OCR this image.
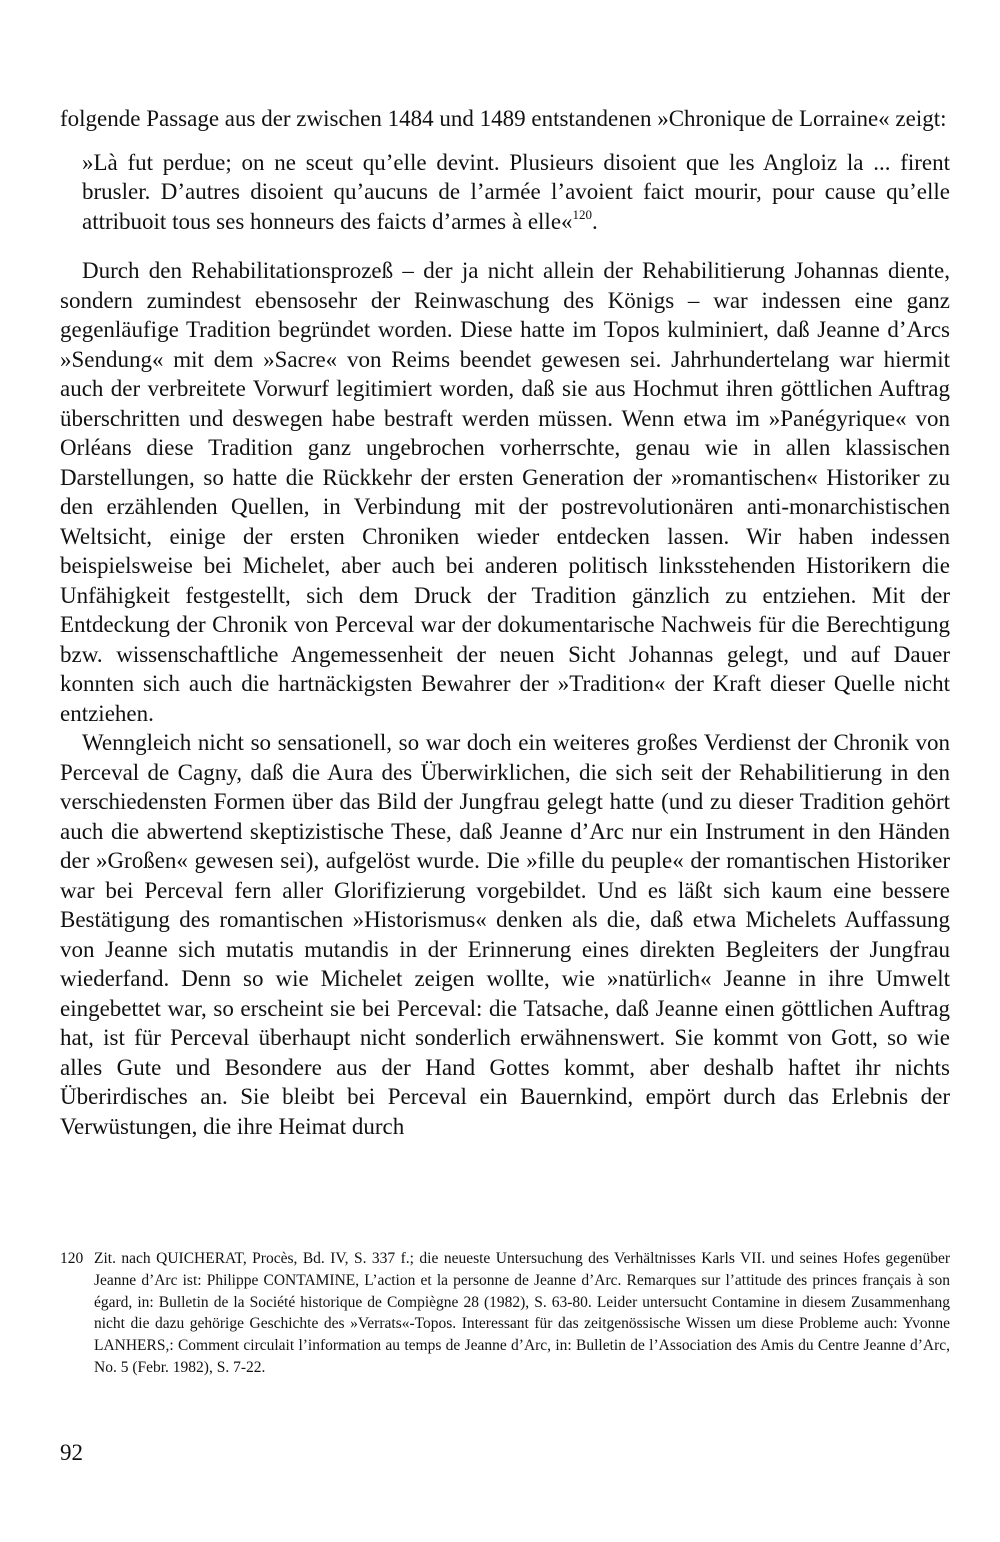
folgende Passage aus der zwischen 1484 und 1489 entstandenen »Chronique de Lorraine« zeigt:

»Là fut perdue; on ne sceut qu’elle devint. Plusieurs disoient que les Angloiz la ... firent brusler. D’autres disoient qu’aucuns de l’armée l’avoient faict mourir, pour cause qu’elle attribuoit tous ses honneurs des faicts d’armes à elle«$^{120}$.

Durch den Rehabilitationsprozeß – der ja nicht allein der Rehabilitierung Johannas diente, sondern zumindest ebensosehr der Reinwaschung des Königs – war indessen eine ganz gegenläufige Tradition begründet worden. Diese hatte im Topos kulminiert, daß Jeanne d’Arcs »Sendung« mit dem »Sacre« von Reims beendet gewesen sei. Jahrhundertelang war hiermit auch der verbreitete Vorwurf legitimiert worden, daß sie aus Hochmut ihren göttlichen Auftrag überschritten und deswegen habe bestraft werden müssen. Wenn etwa im »Panégyrique« von Orléans diese Tradition ganz ungebrochen vorherrschte, genau wie in allen klassischen Darstellungen, so hatte die Rückkehr der ersten Generation der »romantischen« Historiker zu den erzählenden Quellen, in Verbindung mit der postrevolutionären anti-monarchistischen Weltsicht, einige der ersten Chroniken wieder entdecken lassen. Wir haben indessen beispielsweise bei Michelet, aber auch bei anderen politisch linksstehenden Historikern die Unfähigkeit festgestellt, sich dem Druck der Tradition gänzlich zu entziehen. Mit der Entdeckung der Chronik von Perceval war der dokumentarische Nachweis für die Berechtigung bzw. wissenschaftliche Angemessenheit der neuen Sicht Johannas gelegt, und auf Dauer konnten sich auch die hartnäckigsten Bewahrer der »Tradition« der Kraft dieser Quelle nicht entziehen.

Wenngleich nicht so sensationell, so war doch ein weiteres großes Verdienst der Chronik von Perceval de Cagny, daß die Aura des Überwirklichen, die sich seit der Rehabilitierung in den verschiedensten Formen über das Bild der Jungfrau gelegt hatte (und zu dieser Tradition gehört auch die abwertend skeptizistische These, daß Jeanne d’Arc nur ein Instrument in den Händen der »Großen« gewesen sei), aufgelöst wurde. Die »fille du peuple« der romantischen Historiker war bei Perceval fern aller Glorifizierung vorgebildet. Und es läßt sich kaum eine bessere Bestätigung des romantischen »Historismus« denken als die, daß etwa Michelets Auffassung von Jeanne sich mutatis mutandis in der Erinnerung eines direkten Begleiters der Jungfrau wiederfand. Denn so wie Michelet zeigen wollte, wie »natürlich« Jeanne in ihre Umwelt eingebettet war, so erscheint sie bei Perceval: die Tatsache, daß Jeanne einen göttlichen Auftrag hat, ist für Perceval überhaupt nicht sonderlich erwähnenswert. Sie kommt von Gott, so wie alles Gute und Besondere aus der Hand Gottes kommt, aber deshalb haftet ihr nichts Überirdisches an. Sie bleibt bei Perceval ein Bauernkind, empört durch das Erlebnis der Verwüstungen, die ihre Heimat durch

120 Zit. nach QUICHERAT, Procès, Bd. IV, S. 337 f.; die neueste Untersuchung des Verhältnisses Karls VII. und seines Hofes gegenüber Jeanne d’Arc ist: Philippe CONTAMINE, L’action et la personne de Jeanne d’Arc. Remarques sur l’attitude des princes français à son égard, in: Bulletin de la Société historique de Compiègne 28 (1982), S. 63-80. Leider untersucht Contamine in diesem Zusammenhang nicht die dazu gehörige Geschichte des »Verrats«-Topos. Interessant für das zeitgenössische Wissen um diese Probleme auch: Yvonne LANHERS,: Comment circulait l’information au temps de Jeanne d’Arc, in: Bulletin de l’Association des Amis du Centre Jeanne d’Arc, No. 5 (Febr. 1982), S. 7-22.
92
